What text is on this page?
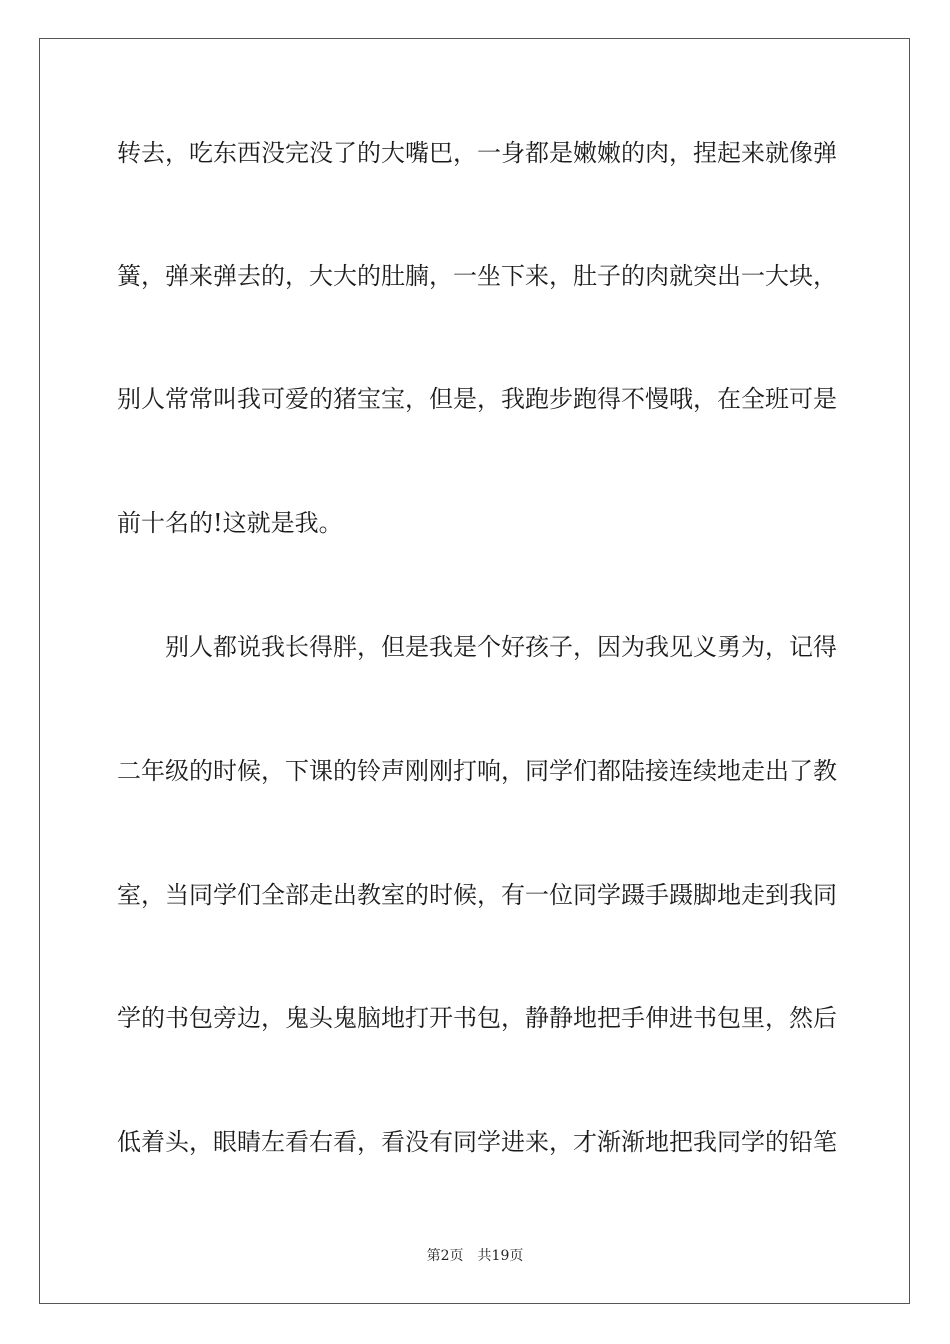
转去，吃东西没完没了的大嘴巴，一身都是嫩嫩的肉，捏起来就像弹
簧，弹来弹去的，大大的肚腩，一坐下来，肚子的肉就突出一大块，
别人常常叫我可爱的猪宝宝，但是，我跑步跑得不慢哦，在全班可是
前十名的!这就是我。
别人都说我长得胖，但是我是个好孩子，因为我见义勇为，记得
二年级的时候，下课的铃声刚刚打响，同学们都陆接连续地走出了教
室，当同学们全部走出教室的时候，有一位同学蹑手蹑脚地走到我同
学的书包旁边，鬼头鬼脑地打开书包，静静地把手伸进书包里，然后
低着头，眼睛左看右看，看没有同学进来，才渐渐地把我同学的铅笔
第2页 共19页
